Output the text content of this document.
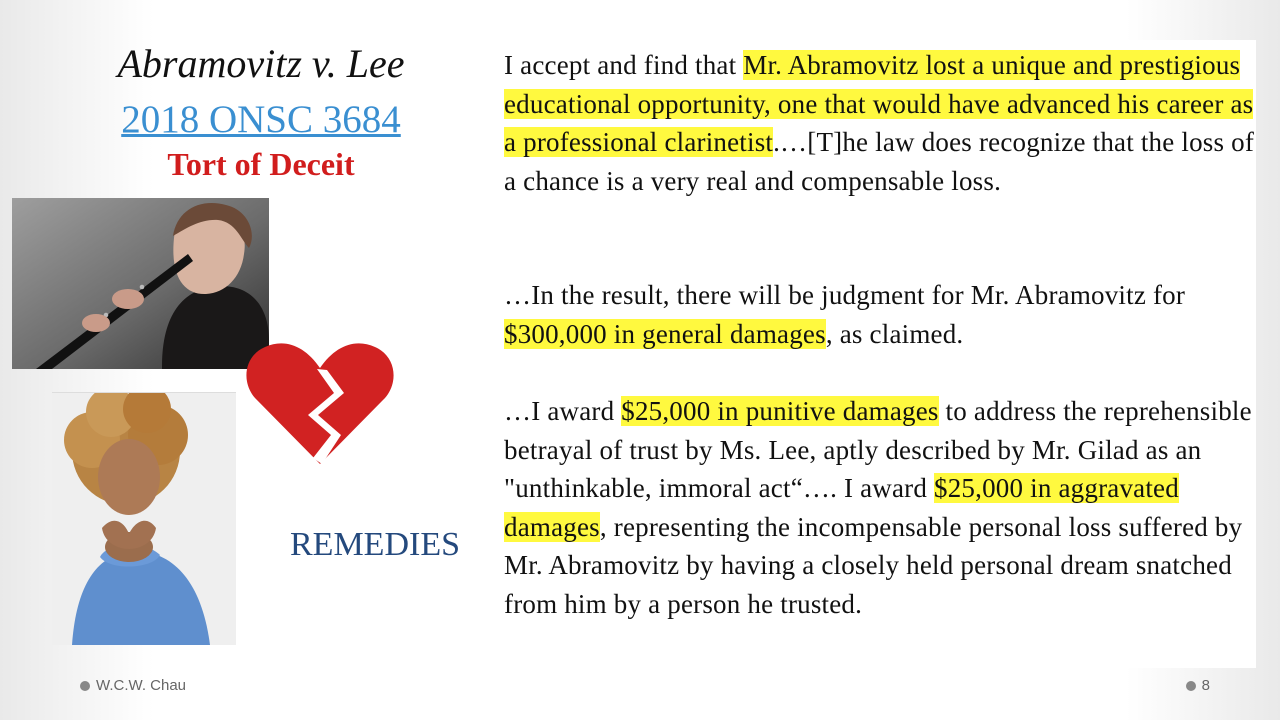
Abramovitz v. Lee
2018 ONSC 3684
Tort of Deceit
REMEDIES
I accept and find that Mr. Abramovitz lost a unique and prestigious educational opportunity, one that would have advanced his career as a professional clarinetist.…[T]he law does recognize that the loss of a chance is a very real and compensable loss.
…In the result, there will be judgment for Mr. Abramovitz for $300,000 in general damages, as claimed.
…I award $25,000 in punitive damages to address the reprehensible betrayal of trust by Ms. Lee, aptly described by Mr. Gilad as an "unthinkable, immoral act“…. I award $25,000 in aggravated damages, representing the incompensable personal loss suffered by Mr. Abramovitz by having a closely held personal dream snatched from him by a person he trusted.
W.C.W. Chau	8
